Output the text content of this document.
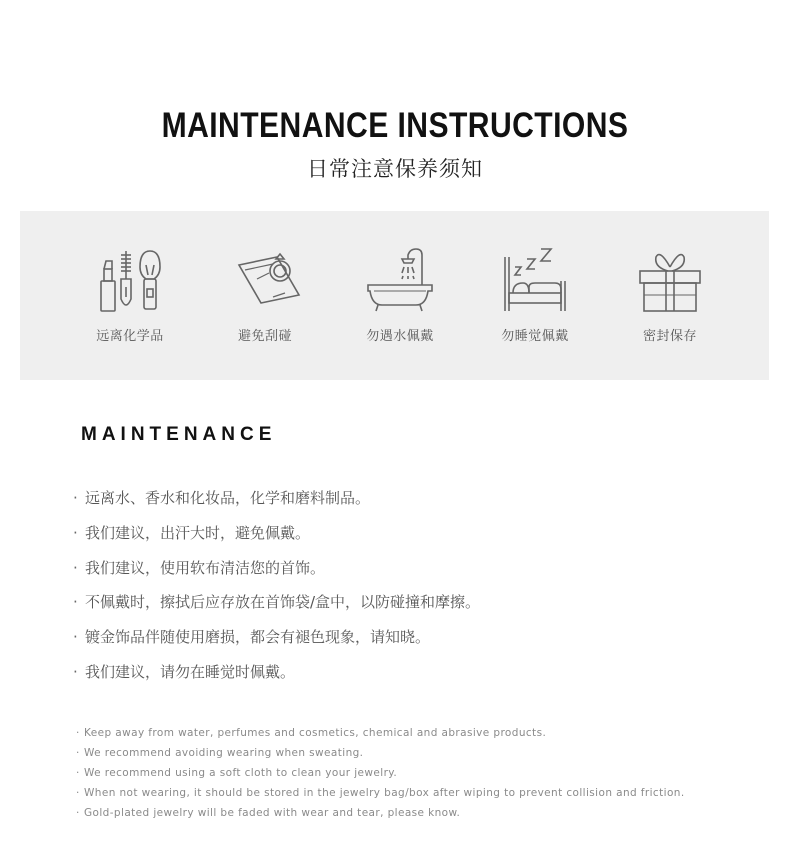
MAINTENANCE INSTRUCTIONS
日常注意保养须知
远离化学品	避免刮碰	勿遇水佩戴	勿睡觉佩戴	密封保存
MAINTENANCE
· 远离水、香水和化妆品，化学和磨料制品。
· 我们建议，出汗大时，避免佩戴。
· 我们建议，使用软布清洁您的首饰。
· 不佩戴时，擦拭后应存放在首饰袋/盒中，以防碰撞和摩擦。
· 镀金饰品伴随使用磨损，都会有褪色现象，请知晓。
· 我们建议，请勿在睡觉时佩戴。
· Keep away from water, perfumes and cosmetics, chemical and abrasive products.
· We recommend avoiding wearing when sweating.
· We recommend using a soft cloth to clean your jewelry.
· When not wearing, it should be stored in the jewelry bag/box after wiping to prevent collision and friction.
· Gold-plated jewelry will be faded with wear and tear, please know.
